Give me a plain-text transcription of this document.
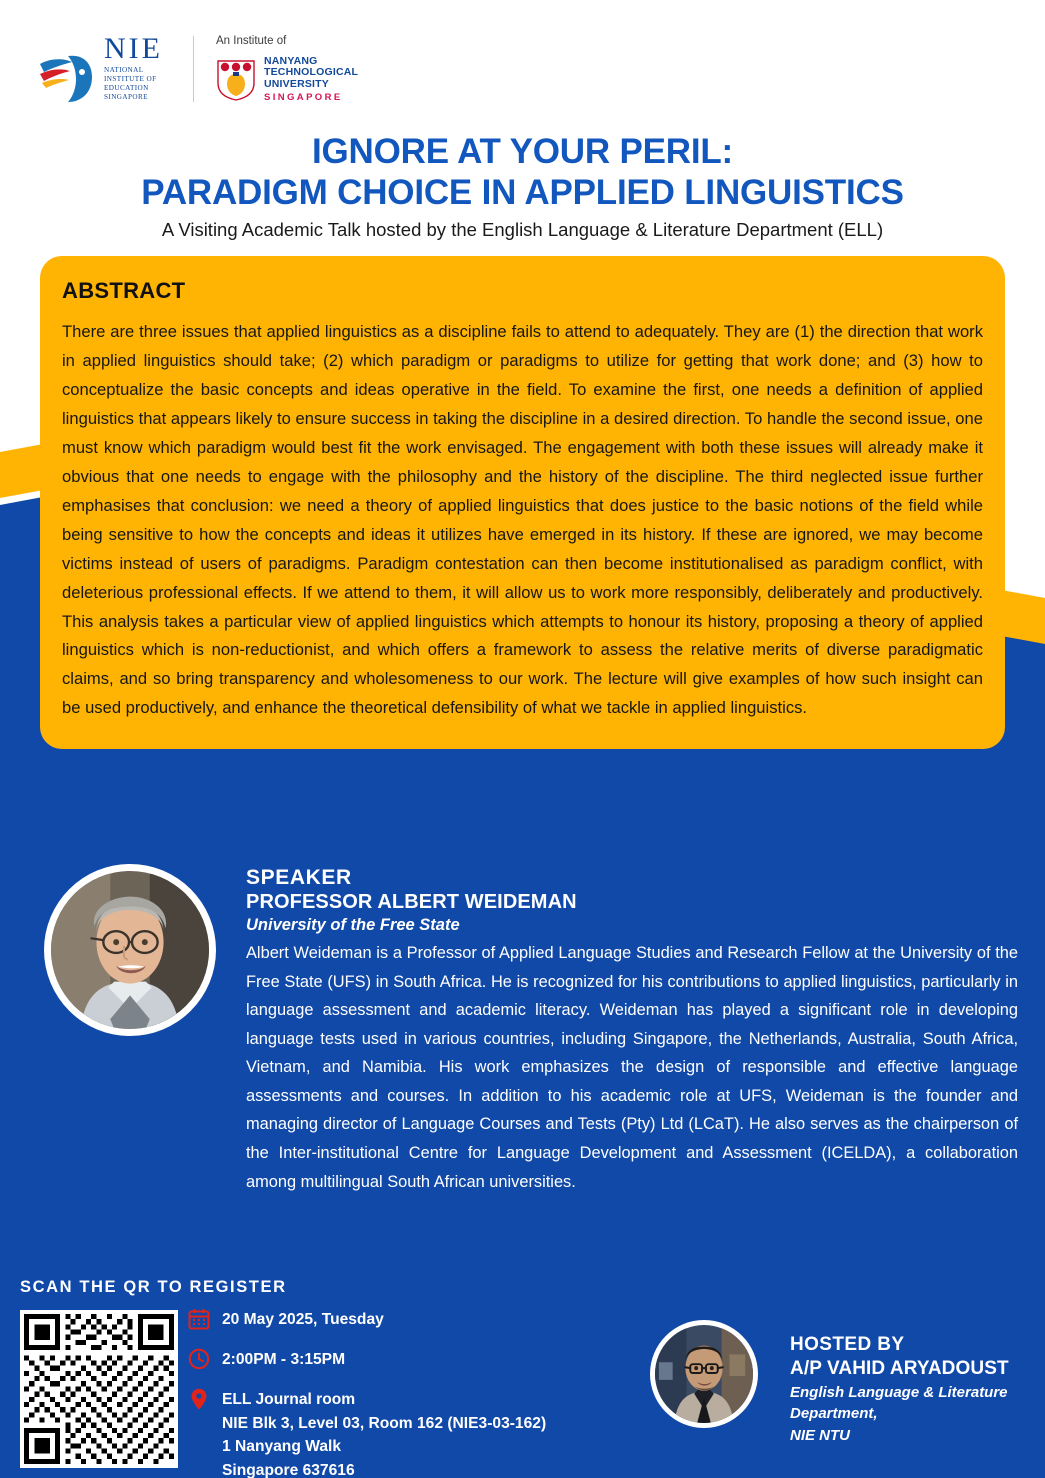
NIE
NATIONAL
INSTITUTE OF
EDUCATION
SINGAPORE
An Institute of
NANYANG
TECHNOLOGICAL
UNIVERSITY
SINGAPORE
IGNORE AT YOUR PERIL:
PARADIGM CHOICE IN APPLIED LINGUISTICS
A Visiting Academic Talk hosted by the English Language & Literature Department (ELL)
ABSTRACT
There are three issues that applied linguistics as a discipline fails to attend to adequately. They are (1) the direction that work in applied linguistics should take; (2) which paradigm or paradigms to utilize for getting that work done; and (3) how to conceptualize the basic concepts and ideas operative in the field. To examine the first, one needs a definition of applied linguistics that appears likely to ensure success in taking the discipline in a desired direction. To handle the second issue, one must know which paradigm would best fit the work envisaged. The engagement with both these issues will already make it obvious that one needs to engage with the philosophy and the history of the discipline. The third neglected issue further emphasises that conclusion: we need a theory of applied linguistics that does justice to the basic notions of the field while being sensitive to how the concepts and ideas it utilizes have emerged in its history. If these are ignored, we may become victims instead of users of paradigms. Paradigm contestation can then become institutionalised as paradigm conflict, with deleterious professional effects. If we attend to them, it will allow us to work more responsibly, deliberately and productively. This analysis takes a particular view of applied linguistics which attempts to honour its history, proposing a theory of applied linguistics which is non-reductionist, and which offers a framework to assess the relative merits of diverse paradigmatic claims, and so bring transparency and wholesomeness to our work. The lecture will give examples of how such insight can be used productively, and enhance the theoretical defensibility of what we tackle in applied linguistics.
SPEAKER
PROFESSOR ALBERT WEIDEMAN
University of the Free State
Albert Weideman is a Professor of Applied Language Studies and Research Fellow at the University of the Free State (UFS) in South Africa. He is recognized for his contributions to applied linguistics, particularly in language assessment and academic literacy. Weideman has played a significant role in developing language tests used in various countries, including Singapore, the Netherlands, Australia, South Africa, Vietnam, and Namibia. His work emphasizes the design of responsible and effective language assessments and courses. In addition to his academic role at UFS, Weideman is the founder and managing director of Language Courses and Tests (Pty) Ltd (LCaT). He also serves as the chairperson of the Inter-institutional Centre for Language Development and Assessment (ICELDA), a collaboration among multilingual South African universities.
SCAN THE QR TO REGISTER
20 May 2025, Tuesday
2:00PM - 3:15PM
ELL Journal room
NIE Blk 3, Level 03, Room 162 (NIE3-03-162)
1 Nanyang Walk
Singapore 637616
HOSTED BY
A/P VAHID ARYADOUST
English Language & Literature
Department,
NIE NTU
